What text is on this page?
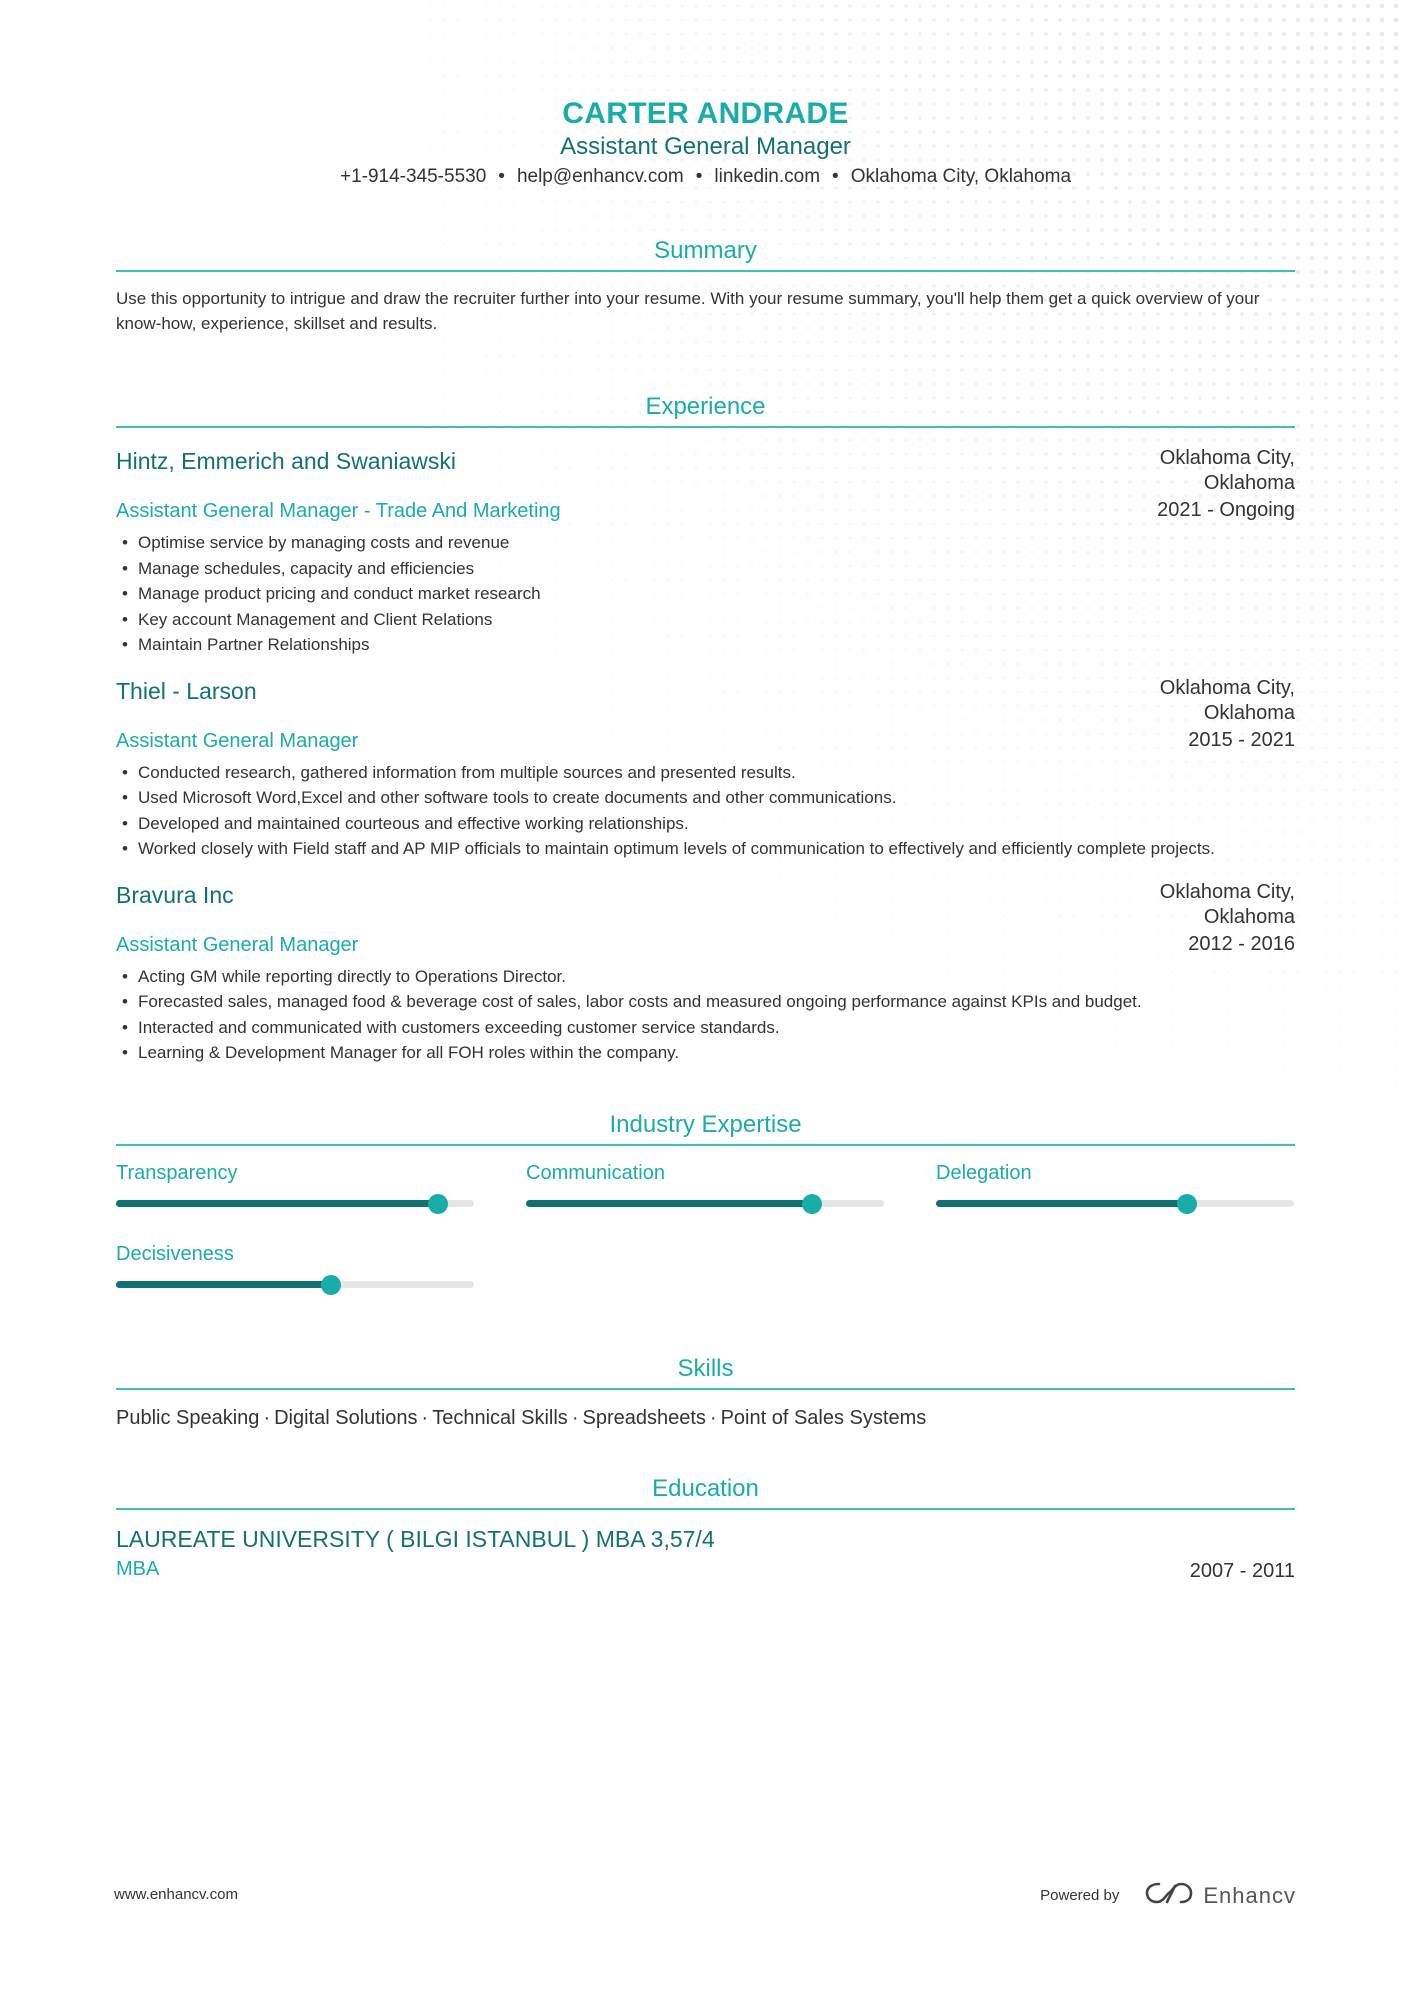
CARTER ANDRADE
Assistant General Manager
+1-914-345-5530 • help@enhancv.com • linkedin.com • Oklahoma City, Oklahoma
Summary
Use this opportunity to intrigue and draw the recruiter further into your resume. With your resume summary, you'll help them get a quick overview of your know-how, experience, skillset and results.
Experience
Hintz, Emmerich and Swaniawski	Oklahoma City, Oklahoma
2021 - Ongoing
Assistant General Manager - Trade And Marketing
• Optimise service by managing costs and revenue
• Manage schedules, capacity and efficiencies
• Manage product pricing and conduct market research
• Key account Management and Client Relations
• Maintain Partner Relationships
Thiel - Larson	Oklahoma City, Oklahoma
2015 - 2021
Assistant General Manager
• Conducted research, gathered information from multiple sources and presented results.
• Used Microsoft Word,Excel and other software tools to create documents and other communications.
• Developed and maintained courteous and effective working relationships.
• Worked closely with Field staff and AP MIP officials to maintain optimum levels of communication to effectively and efficiently complete projects.
Bravura Inc	Oklahoma City, Oklahoma
2012 - 2016
Assistant General Manager
• Acting GM while reporting directly to Operations Director.
• Forecasted sales, managed food & beverage cost of sales, labor costs and measured ongoing performance against KPIs and budget.
• Interacted and communicated with customers exceeding customer service standards.
• Learning & Development Manager for all FOH roles within the company.
Industry Expertise
Transparency	Communication	Delegation
Decisiveness
Skills
Public Speaking · Digital Solutions · Technical Skills · Spreadsheets · Point of Sales Systems
Education
LAUREATE UNIVERSITY ( BILGI ISTANBUL ) MBA 3,57/4
MBA	2007 - 2011
www.enhancv.com	Powered by	Enhancv
